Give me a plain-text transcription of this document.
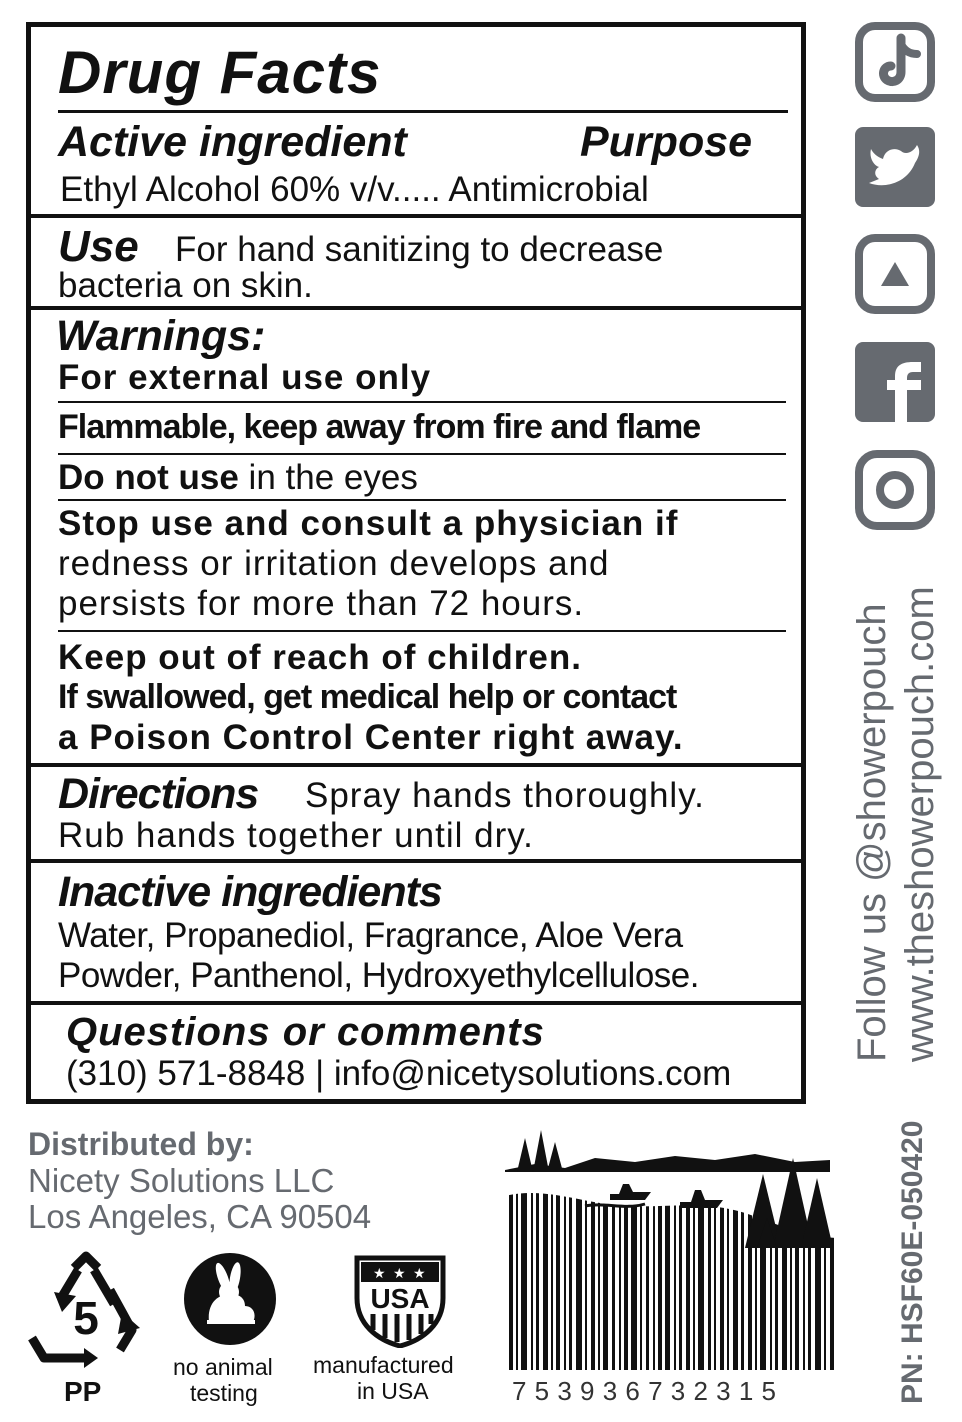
Drug Facts
Active ingredient	Purpose
Ethyl Alcohol 60% v/v..... Antimicrobial
Use For hand sanitizing to decrease
bacteria on skin.
Warnings:
For external use only
Flammable, keep away from fire and flame
Do not use in the eyes
Stop use and consult a physician if
redness or irritation develops and
persists for more than 72 hours.
Keep out of reach of children.
If swallowed, get medical help or contact
a Poison Control Center right away.
Directions Spray hands thoroughly.
Rub hands together until dry.
Inactive ingredients
Water, Propanediol, Fragrance, Aloe Vera
Powder, Panthenol, Hydroxyethylcellulose.
Questions or comments
(310) 571-8848 | info@nicetysolutions.com
Distributed by:
Nicety Solutions LLC
Los Angeles, CA 90504
5
PP
no animal
testing
★ ★ ★
USA
manufactured
in USA	7 5 3 9 3 6 7 3 2 3 1 5
Follow us @showerpouch www.theshowerpouch.com
PN: HSF60E-050420
